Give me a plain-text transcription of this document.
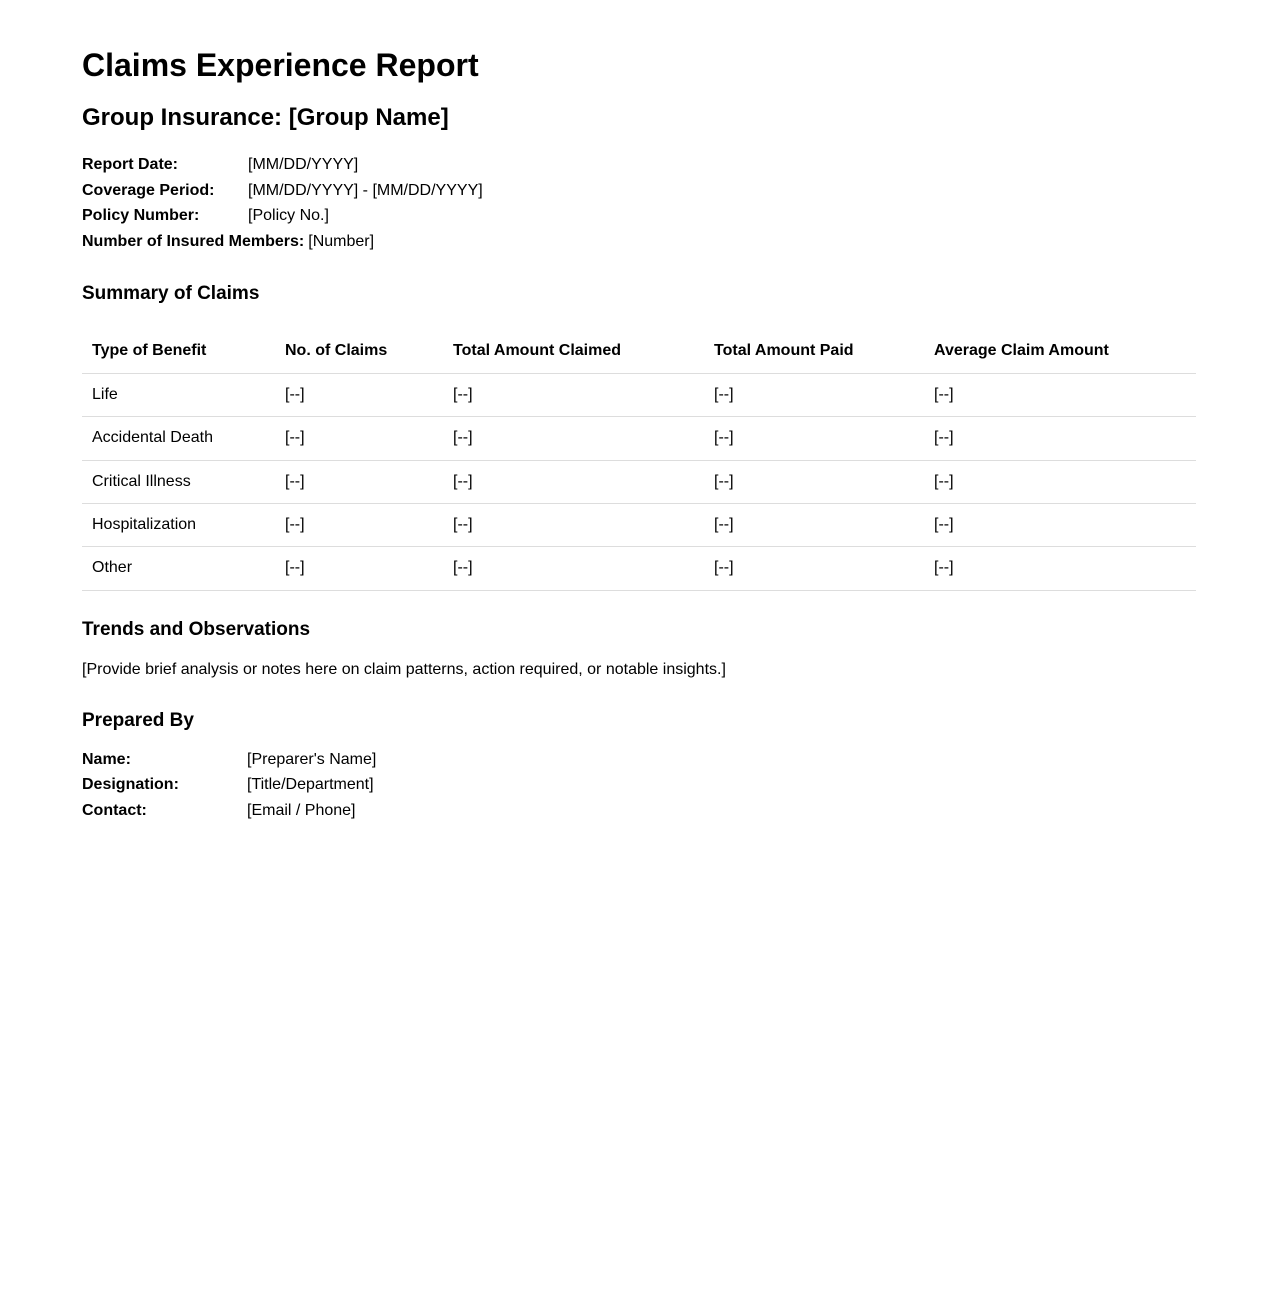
Claims Experience Report
Group Insurance: [Group Name]
Report Date:	[MM/DD/YYYY]
Coverage Period: [MM/DD/YYYY] - [MM/DD/YYYY]
Policy Number:	[Policy No.]
Number of Insured Members: [Number]
Summary of Claims
Type of Benefit	No. of Claims	Total Amount Claimed	Total Amount Paid	Average Claim Amount
Life	[--]	[--]	[--]	[--]
Accidental Death	[--]	[--]	[--]	[--]
Critical Illness	[--]	[--]	[--]	[--]
Hospitalization	[--]	[--]	[--]	[--]
Other	[--]	[--]	[--]	[--]
Trends and Observations

[Provide brief analysis or notes here on claim patterns, action required, or notable insights.]

Prepared By
Name:	[Preparer's Name]
Designation:	[Title/Department]
Contact:	[Email / Phone]
